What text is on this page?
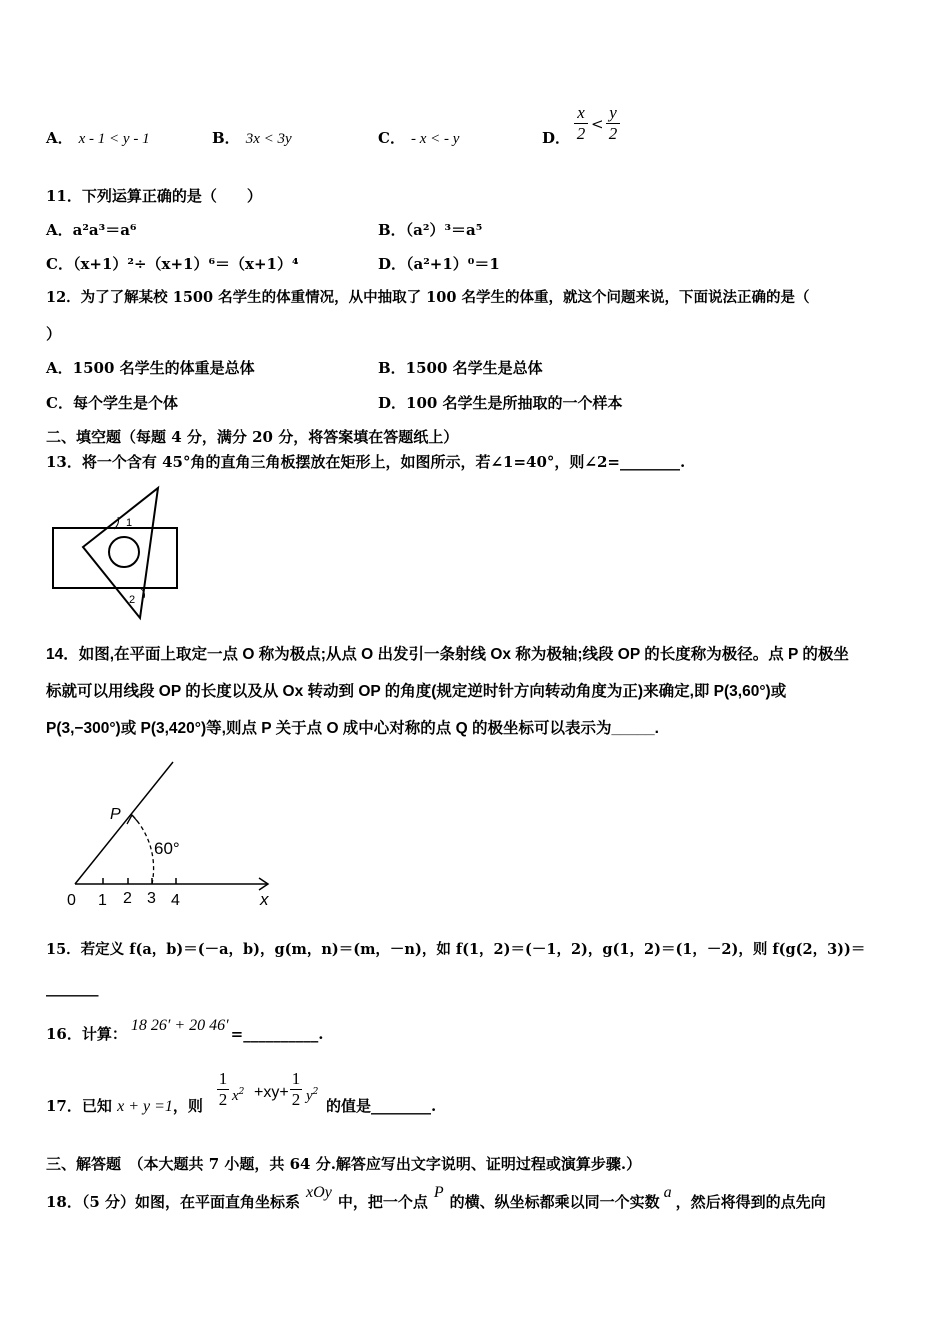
A． x - 1 < y - 1	B． 3x < 3y	C． - x < - y	D．
x
2 <
y
2
11．下列运算正确的是（　　）
A．a²a³＝a⁶	B．（a²）³＝a⁵
C．（x+1）²÷（x+1）⁶＝（x+1）⁴	D．（a²+1）⁰＝1
12．为了了解某校 1500 名学生的体重情况，从中抽取了 100 名学生的体重，就这个问题来说，下面说法正确的是（
）
A．1500 名学生的体重是总体	B．1500 名学生是总体
C．每个学生是个体	D．100 名学生是所抽取的一个样本
二、填空题（每题 4 分，满分 20 分，将答案填在答题纸上）
13．将一个含有 45°角的直角三角板摆放在矩形上，如图所示，若∠1=40°，则∠2=________.
1
2
14．如图,在平面上取定一点 O 称为极点;从点 O 出发引一条射线 Ox 称为极轴;线段 OP 的长度称为极径。点 P 的极坐
标就可以用线段 OP 的长度以及从 Ox 转动到 OP 的角度(规定逆时针方向转动角度为正)来确定,即 P(3,60°)或
P(3,−300°)或 P(3,420°)等,则点 P 关于点 O 成中心对称的点 Q 的极坐标可以表示为_____.
P
60°
0 1 2 3 4	x
15．若定义 f(a，b)＝(－a，b)，g(m，n)＝(m，－n)，如 f(1，2)＝(－1，2)，g(1，2)＝(1，－2)，则 f(g(2，3))＝
_______
16．计算： 18 26′ + 20 46′ =__________.
17．已知 x + y =1，则
1
2 $x^2 +xy+$
1
2 $y^2$
的值是________.
三、解答题　（本大题共 7 小题，共 64 分.解答应写出文字说明、证明过程或演算步骤.）
18．（5 分）如图，在平面直角坐标系xOy中，把一个点P的横、纵坐标都乘以同一个实数a，然后将得到的点先向
